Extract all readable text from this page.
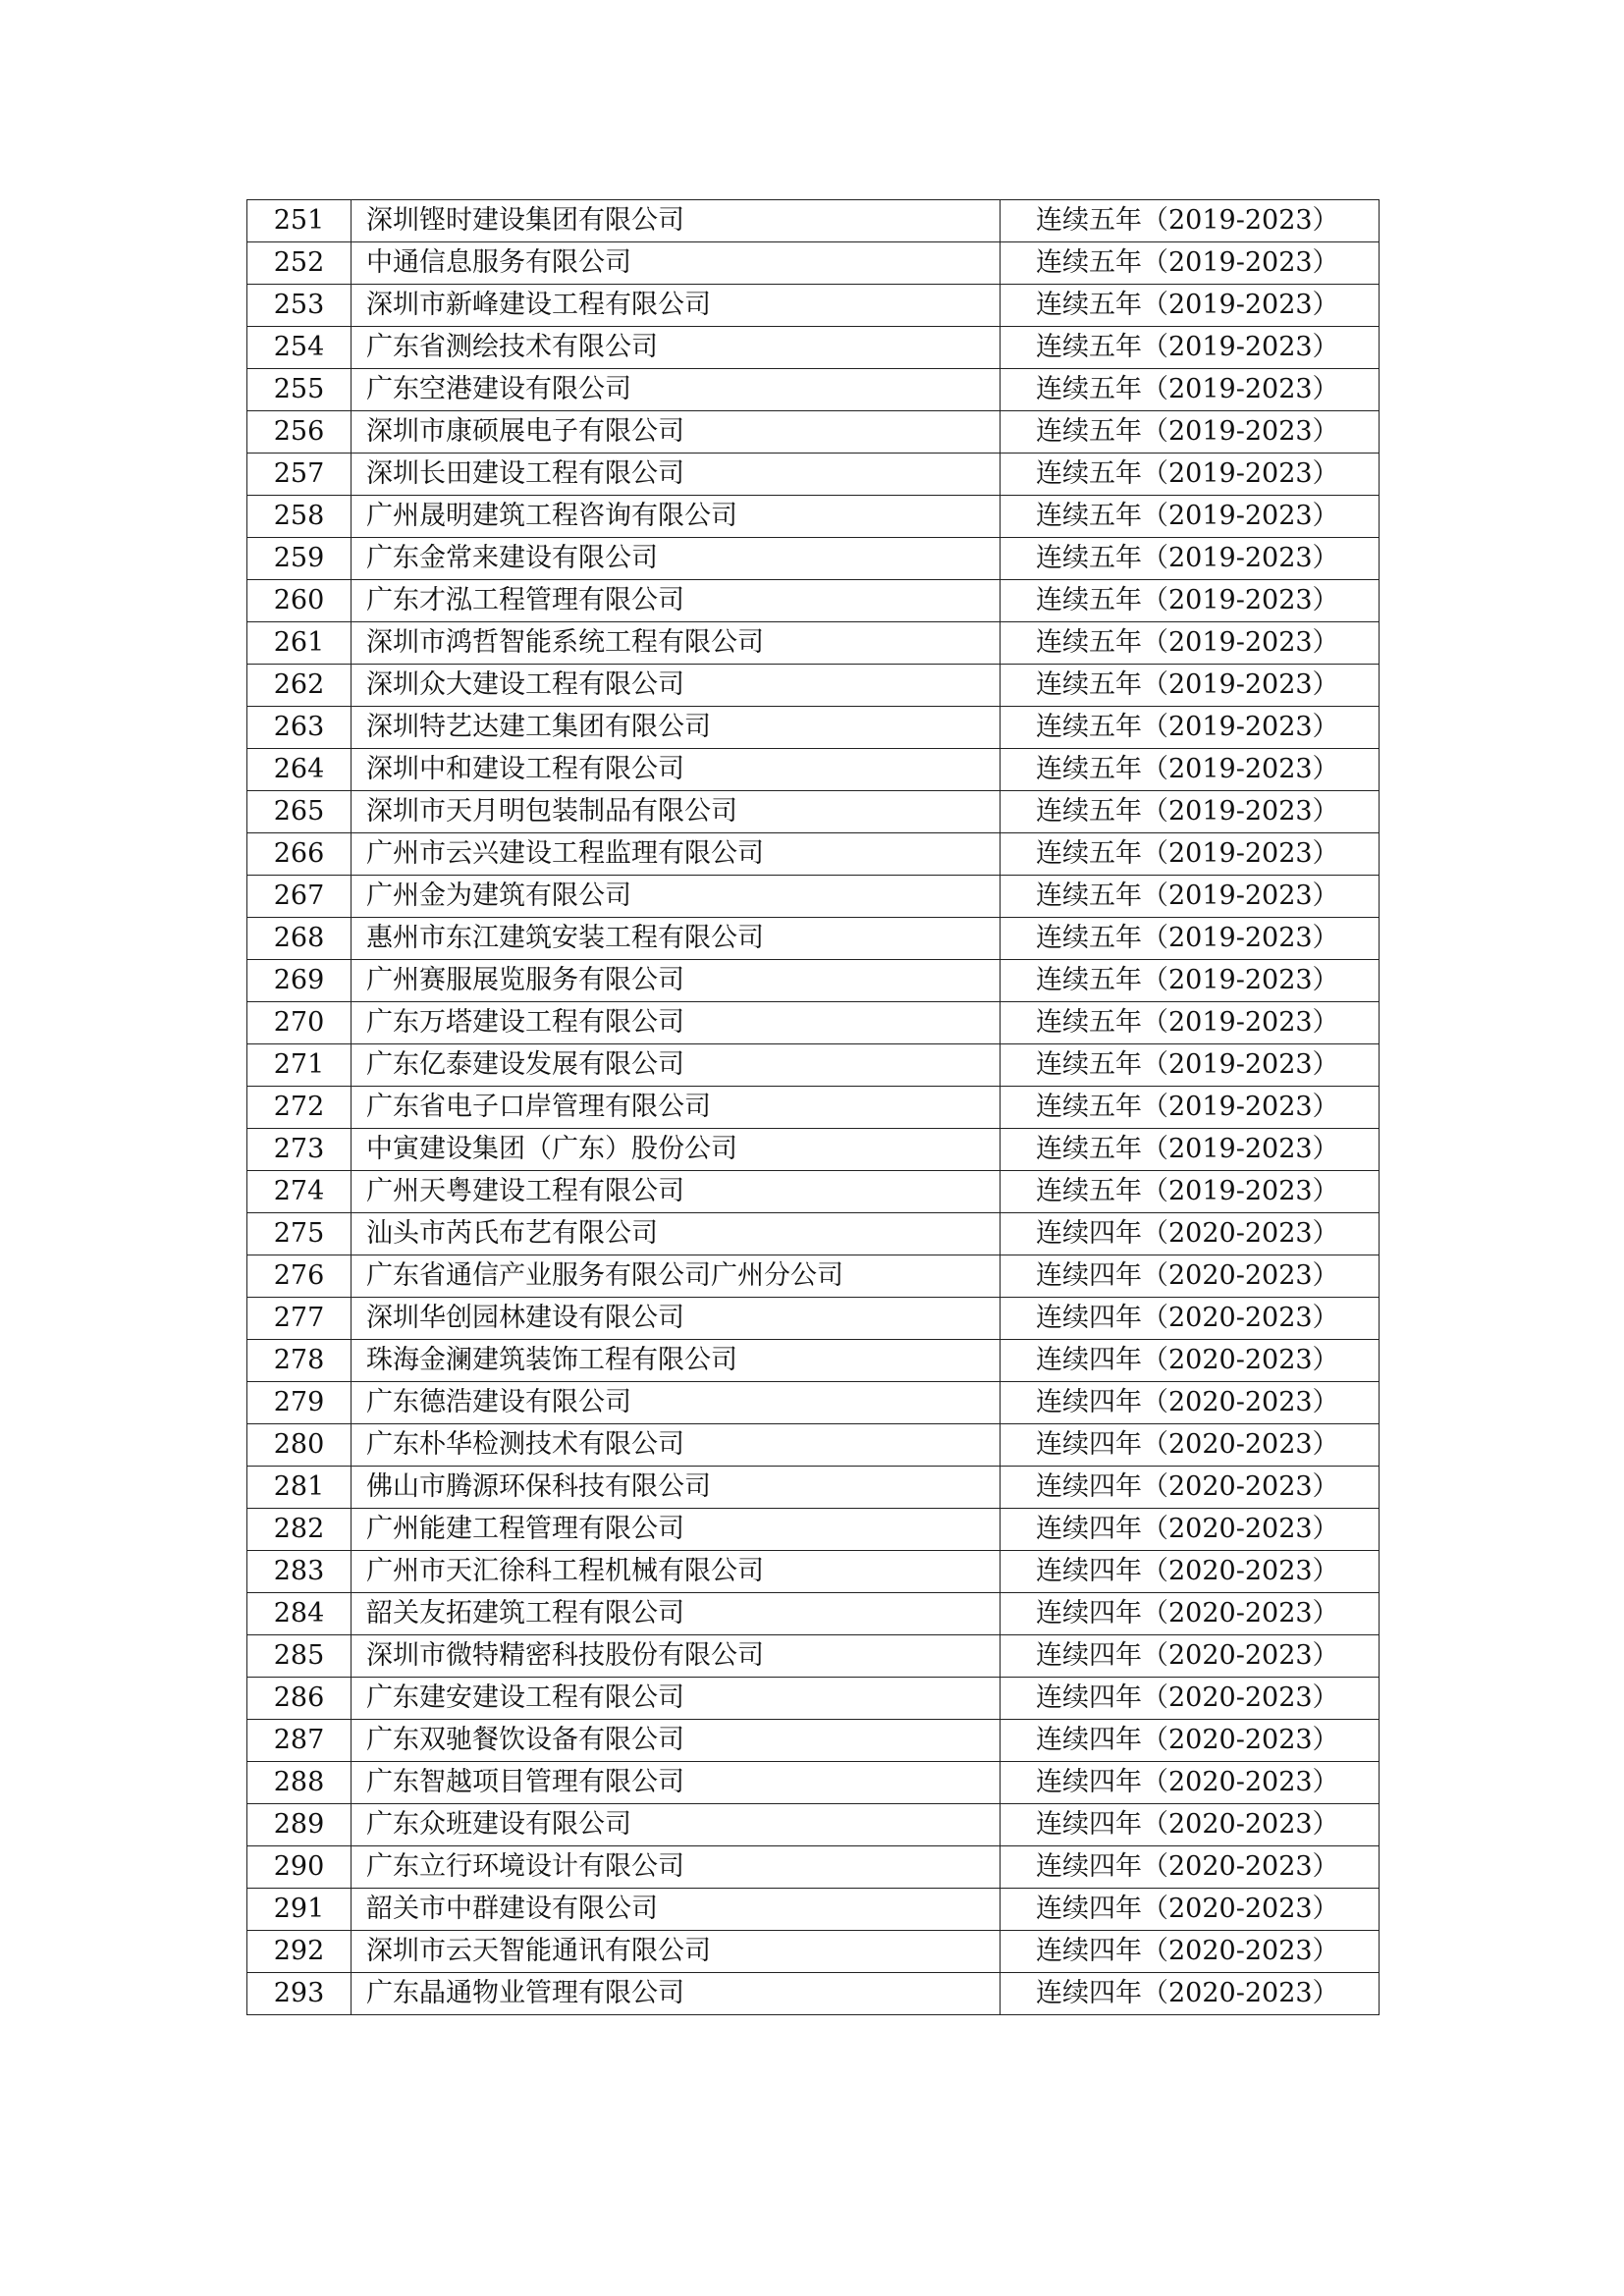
251	深圳铿时建设集团有限公司	连续五年（2019-2023）
252	中通信息服务有限公司	连续五年（2019-2023）
253	深圳市新峰建设工程有限公司	连续五年（2019-2023）
254	广东省测绘技术有限公司	连续五年（2019-2023）
255	广东空港建设有限公司	连续五年（2019-2023）
256	深圳市康硕展电子有限公司	连续五年（2019-2023）
257	深圳长田建设工程有限公司	连续五年（2019-2023）
258	广州晟明建筑工程咨询有限公司	连续五年（2019-2023）
259	广东金常来建设有限公司	连续五年（2019-2023）
260	广东才泓工程管理有限公司	连续五年（2019-2023）
261	深圳市鸿哲智能系统工程有限公司	连续五年（2019-2023）
262	深圳众大建设工程有限公司	连续五年（2019-2023）
263	深圳特艺达建工集团有限公司	连续五年（2019-2023）
264	深圳中和建设工程有限公司	连续五年（2019-2023）
265	深圳市天月明包装制品有限公司	连续五年（2019-2023）
266	广州市云兴建设工程监理有限公司	连续五年（2019-2023）
267	广州金为建筑有限公司	连续五年（2019-2023）
268	惠州市东江建筑安装工程有限公司	连续五年（2019-2023）
269	广州赛服展览服务有限公司	连续五年（2019-2023）
270	广东万塔建设工程有限公司	连续五年（2019-2023）
271	广东亿泰建设发展有限公司	连续五年（2019-2023）
272	广东省电子口岸管理有限公司	连续五年（2019-2023）
273	中寅建设集团（广东）股份公司	连续五年（2019-2023）
274	广州天粤建设工程有限公司	连续五年（2019-2023）
275	汕头市芮氏布艺有限公司	连续四年（2020-2023）
276	广东省通信产业服务有限公司广州分公司	连续四年（2020-2023）
277	深圳华创园林建设有限公司	连续四年（2020-2023）
278	珠海金澜建筑装饰工程有限公司	连续四年（2020-2023）
279	广东德浩建设有限公司	连续四年（2020-2023）
280	广东朴华检测技术有限公司	连续四年（2020-2023）
281	佛山市腾源环保科技有限公司	连续四年（2020-2023）
282	广州能建工程管理有限公司	连续四年（2020-2023）
283	广州市天汇徐科工程机械有限公司	连续四年（2020-2023）
284	韶关友拓建筑工程有限公司	连续四年（2020-2023）
285	深圳市微特精密科技股份有限公司	连续四年（2020-2023）
286	广东建安建设工程有限公司	连续四年（2020-2023）
287	广东双驰餐饮设备有限公司	连续四年（2020-2023）
288	广东智越项目管理有限公司	连续四年（2020-2023）
289	广东众班建设有限公司	连续四年（2020-2023）
290	广东立行环境设计有限公司	连续四年（2020-2023）
291	韶关市中群建设有限公司	连续四年（2020-2023）
292	深圳市云天智能通讯有限公司	连续四年（2020-2023）
293	广东晶通物业管理有限公司	连续四年（2020-2023）
